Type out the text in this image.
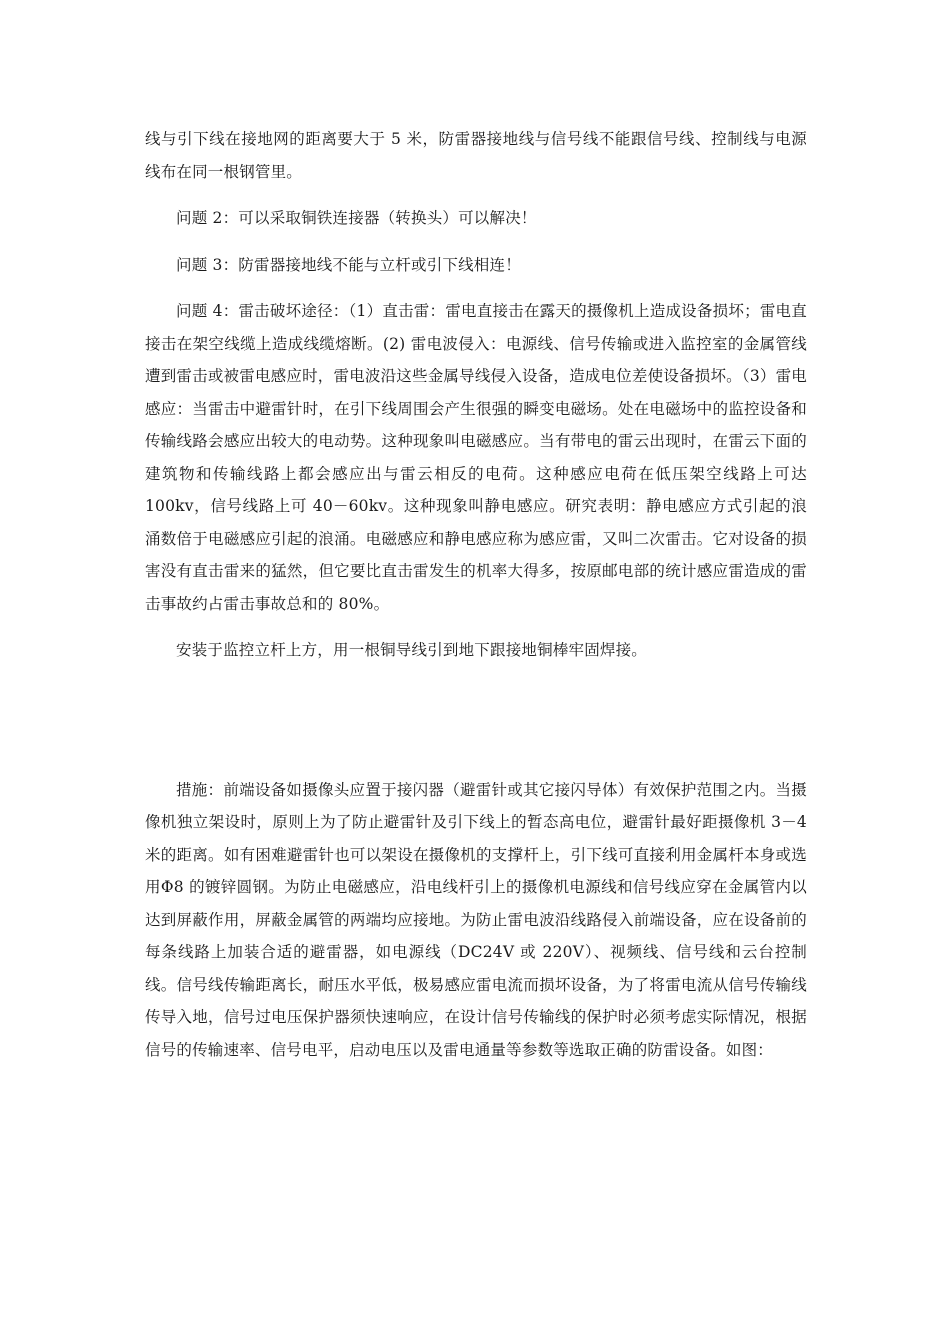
线与引下线在接地网的距离要大于 5 米，防雷器接地线与信号线不能跟信号线、控制线与电源线布在同一根钢管里。

问题 2：可以采取铜铁连接器（转换头）可以解决！

问题 3：防雷器接地线不能与立杆或引下线相连！

问题 4：雷击破坏途径：（1）直击雷：雷电直接击在露天的摄像机上造成设备损坏；雷电直接击在架空线缆上造成线缆熔断。(2) 雷电波侵入：电源线、信号传输或进入监控室的金属管线遭到雷击或被雷电感应时，雷电波沿这些金属导线侵入设备，造成电位差使设备损坏。（3）雷电感应：当雷击中避雷针时，在引下线周围会产生很强的瞬变电磁场。处在电磁场中的监控设备和传输线路会感应出较大的电动势。这种现象叫电磁感应。当有带电的雷云出现时，在雷云下面的建筑物和传输线路上都会感应出与雷云相反的电荷。这种感应电荷在低压架空线路上可达 100kv，信号线路上可 40－60kv。这种现象叫静电感应。研究表明：静电感应方式引起的浪涌数倍于电磁感应引起的浪涌。电磁感应和静电感应称为感应雷，又叫二次雷击。它对设备的损害没有直击雷来的猛然，但它要比直击雷发生的机率大得多，按原邮电部的统计感应雷造成的雷击事故约占雷击事故总和的 80%。

安装于监控立杆上方，用一根铜导线引到地下跟接地铜棒牢固焊接。

措施：前端设备如摄像头应置于接闪器（避雷针或其它接闪导体）有效保护范围之内。当摄像机独立架设时，原则上为了防止避雷针及引下线上的暂态高电位，避雷针最好距摄像机 3－4 米的距离。如有困难避雷针也可以架设在摄像机的支撑杆上，引下线可直接利用金属杆本身或选用Φ8 的镀锌圆钢。为防止电磁感应，沿电线杆引上的摄像机电源线和信号线应穿在金属管内以达到屏蔽作用，屏蔽金属管的两端均应接地。为防止雷电波沿线路侵入前端设备，应在设备前的每条线路上加装合适的避雷器，如电源线（DC24V 或 220V）、视频线、信号线和云台控制线。信号线传输距离长，耐压水平低，极易感应雷电流而损坏设备，为了将雷电流从信号传输线传导入地，信号过电压保护器须快速响应，在设计信号传输线的保护时必须考虑实际情况，根据信号的传输速率、信号电平，启动电压以及雷电通量等参数等选取正确的防雷设备。如图：
